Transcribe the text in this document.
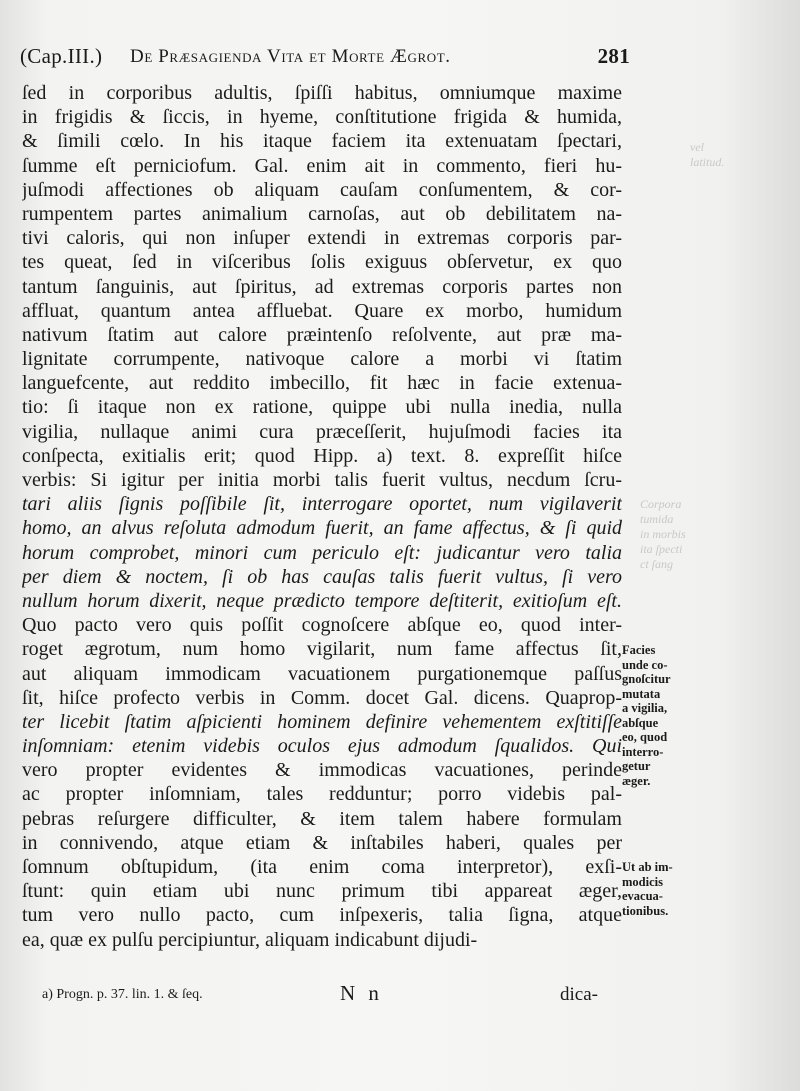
(Cap.III.) De Præsagienda Vita et Morte Ægrot.	281
vel
latitud.
Corpora
tumida
in morbis
ita ſpecti
ct ſang
ſed in corporibus adultis, ſpiſſi habitus, omniumque maxime
in frigidis & ſiccis, in hyeme, conſtitutione frigida & humida,
& ſimili cœlo. In his itaque faciem ita extenuatam ſpectari,
ſumme eſt perniciofum. Gal. enim ait in commento, fieri hu-
juſmodi affectiones ob aliquam cauſam conſumentem, & cor-
rumpentem partes animalium carnoſas, aut ob debilitatem na-
tivi caloris, qui non inſuper extendi in extremas corporis par-
tes queat, ſed in viſceribus ſolis exiguus obſervetur, ex quo
tantum ſanguinis, aut ſpiritus, ad extremas corporis partes non
affluat, quantum antea affluebat. Quare ex morbo, humidum
nativum ſtatim aut calore præintenſo reſolvente, aut præ ma-
lignitate corrumpente, nativoque calore a morbi vi ſtatim
languefcente, aut reddito imbecillo, fit hæc in facie extenua-
tio: ſi itaque non ex ratione, quippe ubi nulla inedia, nulla
vigilia, nullaque animi cura præceſſerit, hujuſmodi facies ita
conſpecta, exitialis erit; quod Hipp. a) text. 8. expreſſit hiſce
verbis: Si igitur per initia morbi talis fuerit vultus, necdum ſcru-
tari aliis ſignis poſſibile ſit, interrogare oportet, num vigilaverit
homo, an alvus reſoluta admodum fuerit, an fame affectus, & ſi quid
horum comprobet, minori cum periculo eſt: judicantur vero talia
per diem & noctem, ſi ob has cauſas talis fuerit vultus, ſi vero
nullum horum dixerit, neque prædicto tempore deſtiterit, exitioſum eſt.
Quo pacto vero quis poſſit cognoſcere abſque eo, quod inter-
roget ægrotum, num homo vigilarit, num fame affectus ſit,
aut aliquam immodicam vacuationem purgationemque paſſus
ſit, hiſce profecto verbis in Comm. docet Gal. dicens. Quaprop-
ter licebit ſtatim aſpicienti hominem definire vehementem exſtitiſſe
inſomniam: etenim videbis oculos ejus admodum ſqualidos. Qui
vero propter evidentes & immodicas vacuationes, perinde
ac propter inſomniam, tales redduntur; porro videbis pal-
pebras reſurgere difficulter, & item talem habere formulam
in connivendo, atque etiam & inſtabiles haberi, quales per
ſomnum obſtupidum, (ita enim coma interpretor), exſi-
ſtunt: quin etiam ubi nunc primum tibi appareat æger,
tum vero nullo pacto, cum inſpexeris, talia ſigna, atque
ea, quæ ex pulſu percipiuntur, aliquam indicabunt dijudi-
Facies
unde co-
gnoſcitur
mutata
a vigilia,
abſque
eo, quod
interro-
getur
æger.
Ut ab im-
modicis
evacua-
tionibus.
a) Progn. p. 37. lin. 1. & ſeq.	N n	dica-
